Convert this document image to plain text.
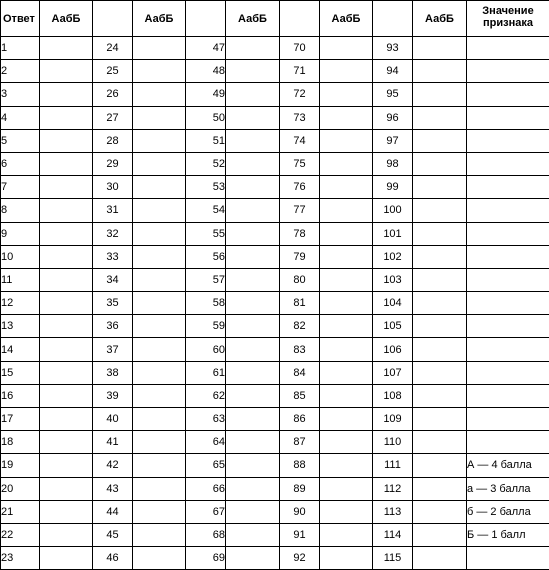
Ответ	АабБ		АабБ		АабБ		АабБ		АабБ	Значение
признака
1		24		47		70		93		
2		25		48		71		94		
3		26		49		72		95		
4		27		50		73		96		
5		28		51		74		97		
6		29		52		75		98		
7		30		53		76		99		
8		31		54		77		100		
9		32		55		78		101		
10		33		56		79		102		
11		34		57		80		103		
12		35		58		81		104		
13		36		59		82		105		
14		37		60		83		106		
15		38		61		84		107		
16		39		62		85		108		
17		40		63		86		109		
18		41		64		87		110		
19		42		65		88		111		А — 4 балла
20		43		66		89		112		а — 3 балла
21		44		67		90		113		б — 2 балла
22		45		68		91		114		Б — 1 балл
23		46		69		92		115		
